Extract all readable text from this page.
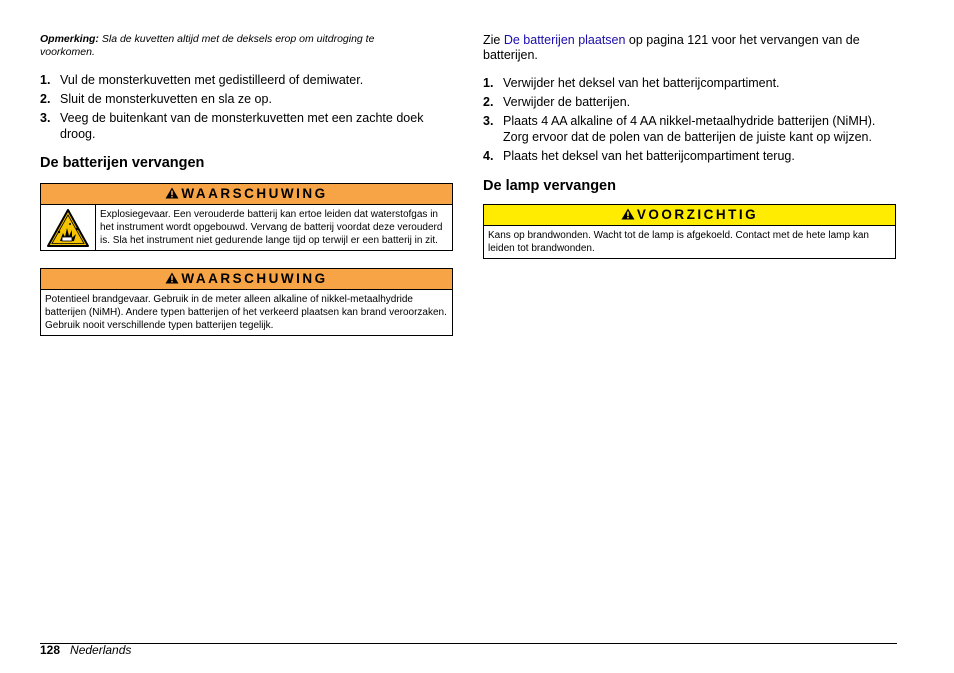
Opmerking: Sla de kuvetten altijd met de deksels erop om uitdroging te voorkomen.
1. Vul de monsterkuvetten met gedistilleerd of demiwater.
2. Sluit de monsterkuvetten en sla ze op.
3. Veeg de buitenkant van de monsterkuvetten met een zachte doek droog.
De batterijen vervangen
WAARSCHUWING
Explosiegevaar. Een verouderde batterij kan ertoe leiden dat waterstofgas in het instrument wordt opgebouwd. Vervang de batterij voordat deze verouderd is. Sla het instrument niet gedurende lange tijd op terwijl er een batterij in zit.
WAARSCHUWING
Potentieel brandgevaar. Gebruik in de meter alleen alkaline of nikkel-metaalhydride batterijen (NiMH). Andere typen batterijen of het verkeerd plaatsen kan brand veroorzaken. Gebruik nooit verschillende typen batterijen tegelijk.
Zie De batterijen plaatsen op pagina 121 voor het vervangen van de batterijen.
1. Verwijder het deksel van het batterijcompartiment.
2. Verwijder de batterijen.
3. Plaats 4 AA alkaline of 4 AA nikkel-metaalhydride batterijen (NiMH). Zorg ervoor dat de polen van de batterijen de juiste kant op wijzen.
4. Plaats het deksel van het batterijcompartiment terug.
De lamp vervangen
VOORZICHTIG
Kans op brandwonden. Wacht tot de lamp is afgekoeld. Contact met de hete lamp kan leiden tot brandwonden.
128 Nederlands
